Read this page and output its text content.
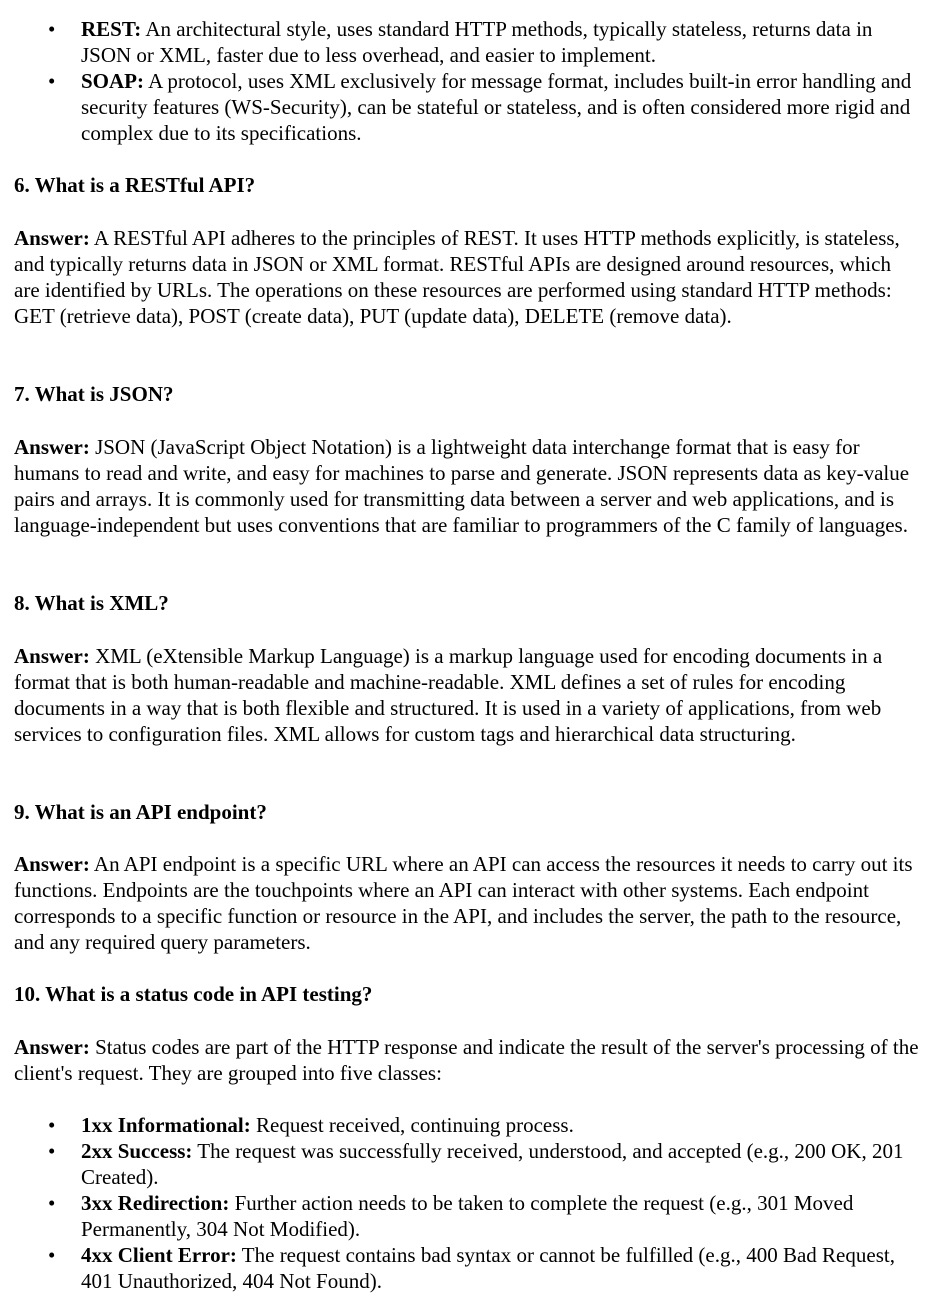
• REST: An architectural style, uses standard HTTP methods, typically stateless, returns data in JSON or XML, faster due to less overhead, and easier to implement.
• SOAP: A protocol, uses XML exclusively for message format, includes built-in error handling and security features (WS-Security), can be stateful or stateless, and is often considered more rigid and complex due to its specifications.
6. What is a RESTful API?

Answer: A RESTful API adheres to the principles of REST. It uses HTTP methods explicitly, is stateless, and typically returns data in JSON or XML format. RESTful APIs are designed around resources, which are identified by URLs. The operations on these resources are performed using standard HTTP methods: GET (retrieve data), POST (create data), PUT (update data), DELETE (remove data).

7. What is JSON?

Answer: JSON (JavaScript Object Notation) is a lightweight data interchange format that is easy for humans to read and write, and easy for machines to parse and generate. JSON represents data as key-value pairs and arrays. It is commonly used for transmitting data between a server and web applications, and is language-independent but uses conventions that are familiar to programmers of the C family of languages.

8. What is XML?

Answer: XML (eXtensible Markup Language) is a markup language used for encoding documents in a format that is both human-readable and machine-readable. XML defines a set of rules for encoding documents in a way that is both flexible and structured. It is used in a variety of applications, from web services to configuration files. XML allows for custom tags and hierarchical data structuring.

9. What is an API endpoint?

Answer: An API endpoint is a specific URL where an API can access the resources it needs to carry out its functions. Endpoints are the touchpoints where an API can interact with other systems. Each endpoint corresponds to a specific function or resource in the API, and includes the server, the path to the resource, and any required query parameters.

10. What is a status code in API testing?

Answer: Status codes are part of the HTTP response and indicate the result of the server's processing of the client's request. They are grouped into five classes:

• 1xx Informational: Request received, continuing process.
• 2xx Success: The request was successfully received, understood, and accepted (e.g., 200 OK, 201 Created).
• 3xx Redirection: Further action needs to be taken to complete the request (e.g., 301 Moved Permanently, 304 Not Modified).
• 4xx Client Error: The request contains bad syntax or cannot be fulfilled (e.g., 400 Bad Request, 401 Unauthorized, 404 Not Found).
